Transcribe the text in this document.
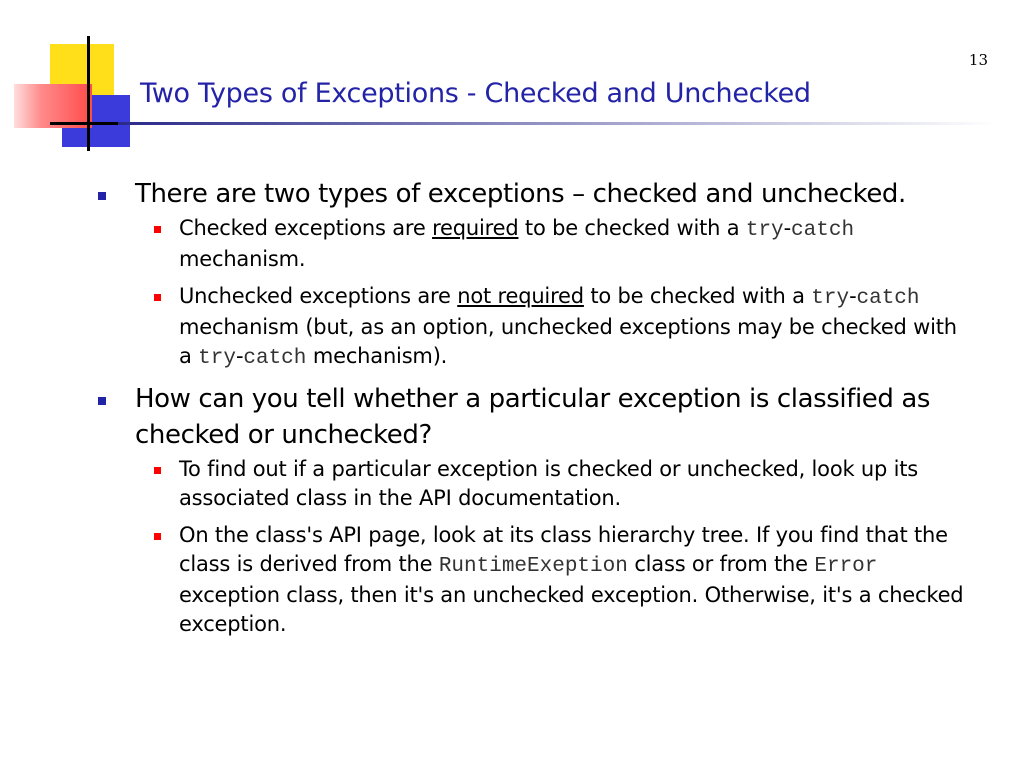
13
Two Types of Exceptions - Checked and Unchecked
There are two types of exceptions – checked and unchecked.
Checked exceptions are required to be checked with a try-catch mechanism.
Unchecked exceptions are not required to be checked with a try-catch mechanism (but, as an option, unchecked exceptions may be checked with a try-catch mechanism).
How can you tell whether a particular exception is classified as checked or unchecked?
To find out if a particular exception is checked or unchecked, look up its associated class in the API documentation.
On the class's API page, look at its class hierarchy tree. If you find that the class is derived from the RuntimeExeption class or from the Error exception class, then it's an unchecked exception. Otherwise, it's a checked exception.
